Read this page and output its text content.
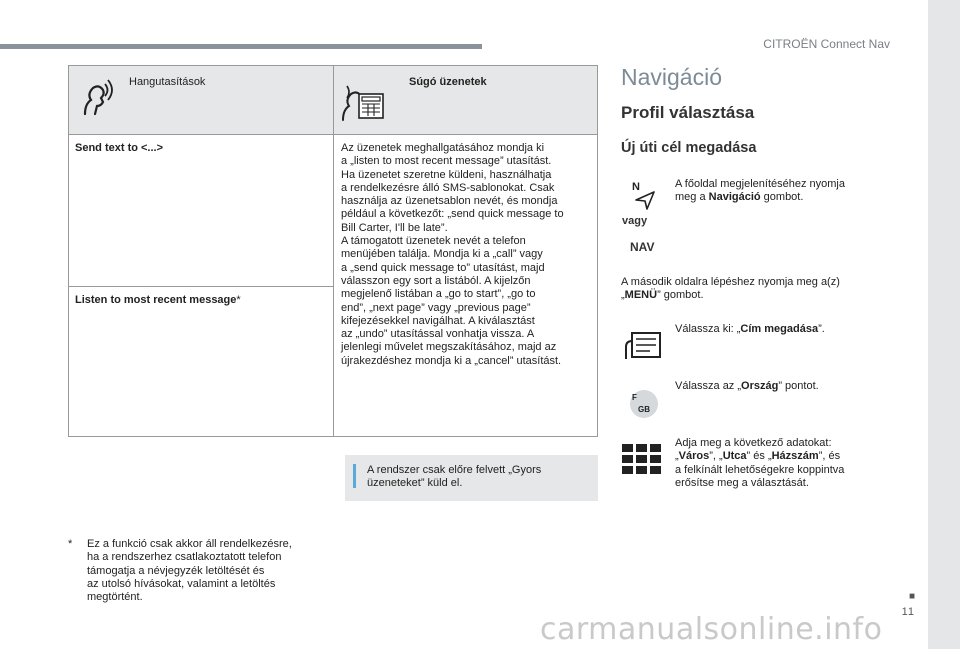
CITROËN Connect Nav
■
11
carmanualsonline.info
Hangutasítások	Súgó üzenetek
Send text to <...>
Listen to most recent message*
Az üzenetek meghallgatásához mondja ki
a „listen to most recent message” utasítást.
Ha üzenetet szeretne küldeni, használhatja
a rendelkezésre álló SMS-sablonokat. Csak
használja az üzenetsablon nevét, és mondja
például a következőt: „send quick message to
Bill Carter, I'll be late”.
A támogatott üzenetek nevét a telefon
menüjében találja. Mondja ki a „call” vagy
a „send quick message to” utasítást, majd
válasszon egy sort a listából. A kijelzőn
megjelenő listában a „go to start”, „go to
end”, „next page” vagy „previous page”
kifejezésekkel navigálhat. A kiválasztást
az „undo” utasítással vonhatja vissza. A
jelenlegi művelet megszakításához, majd az
újrakezdéshez mondja ki a „cancel” utasítást.
A rendszer csak előre felvett „Gyors
üzeneteket” küld el.
* Ez a funkció csak akkor áll rendelkezésre,
ha a rendszerhez csatlakoztatott telefon
támogatja a névjegyzék letöltését és
az utolsó hívásokat, valamint a letöltés
megtörtént.
Navigáció
Profil választása
Új úti cél megadása
N
vagy
NAV
A főoldal megjelenítéséhez nyomja
meg a Navigáció gombot.
A második oldalra lépéshez nyomja meg a(z)
„MENÜ” gombot.
Válassza ki: „Cím megadása”.
F
GB
Válassza az „Ország” pontot.
Adja meg a következő adatokat:
„Város”, „Utca” és „Házszám”, és
a felkínált lehetőségekre koppintva
erősítse meg a választását.
